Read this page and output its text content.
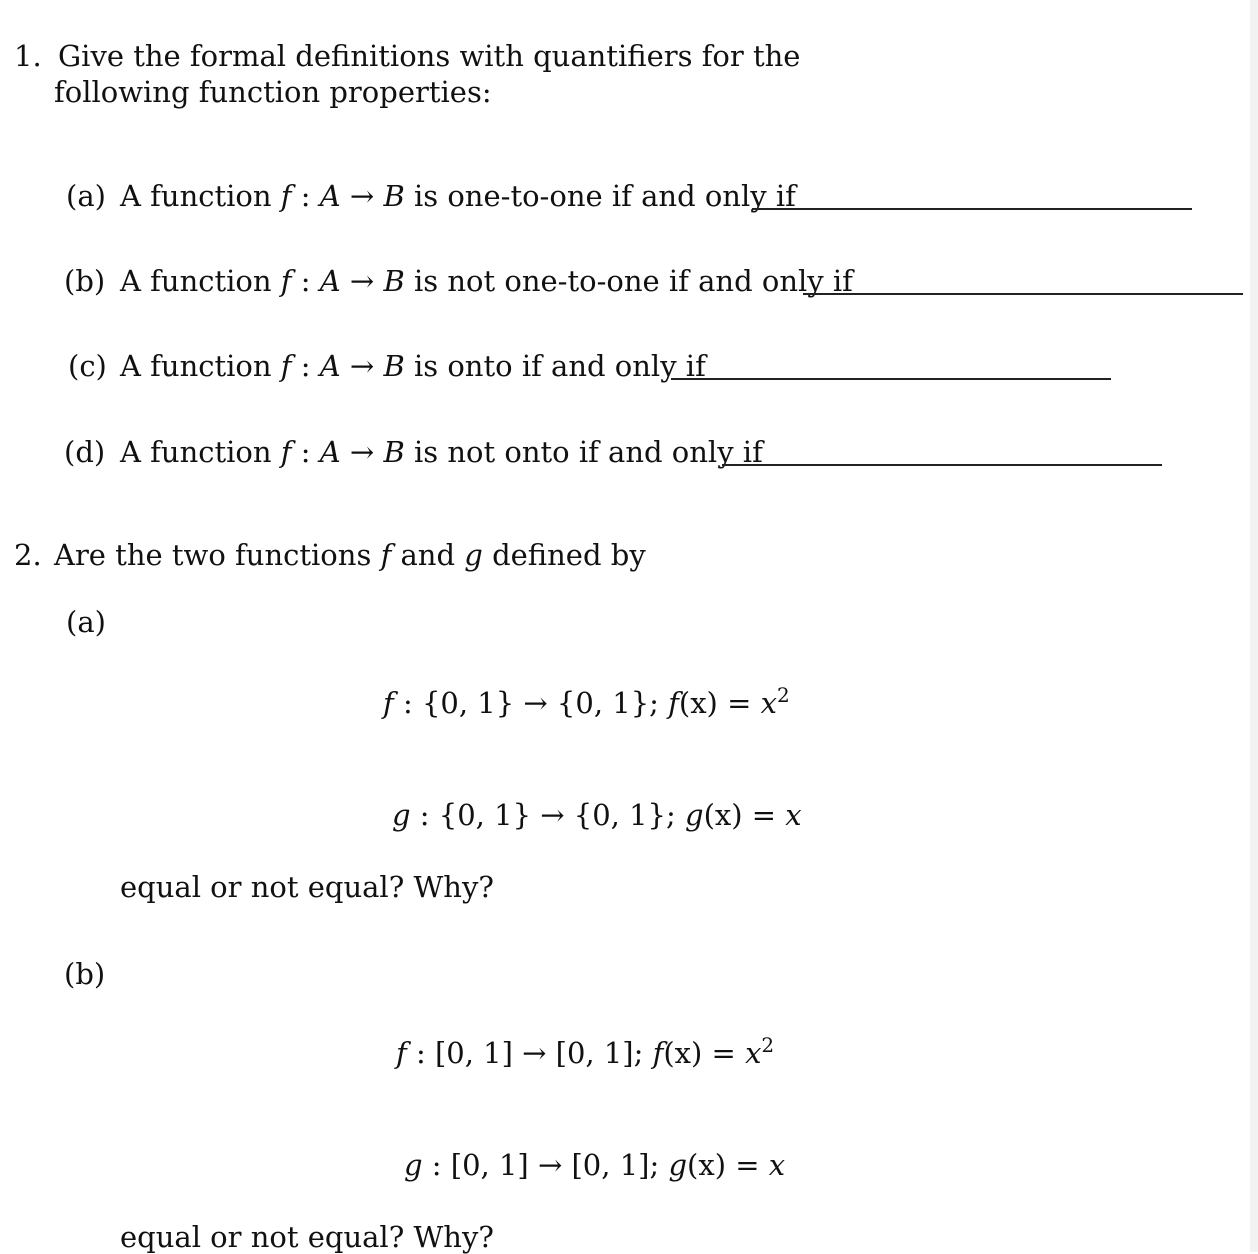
1. Give the formal definitions with quantifiers for the
following function properties:
(a) A function f : A → B is one-to-one if and only if
(b) A function f : A → B is not one-to-one if and only if
(c) A function f : A → B is onto if and only if
(d) A function f : A → B is not onto if and only if
2. Are the two functions f and g defined by
(a)
f : {0, 1} → {0, 1}; $f(x) = x^2$
g : {0, 1} → {0, 1}; g(x) = x
equal or not equal? Why?
(b)
f : [0, 1] → [0, 1]; $f(x) = x^2$
g : [0, 1] → [0, 1]; g(x) = x
equal or not equal? Why?
